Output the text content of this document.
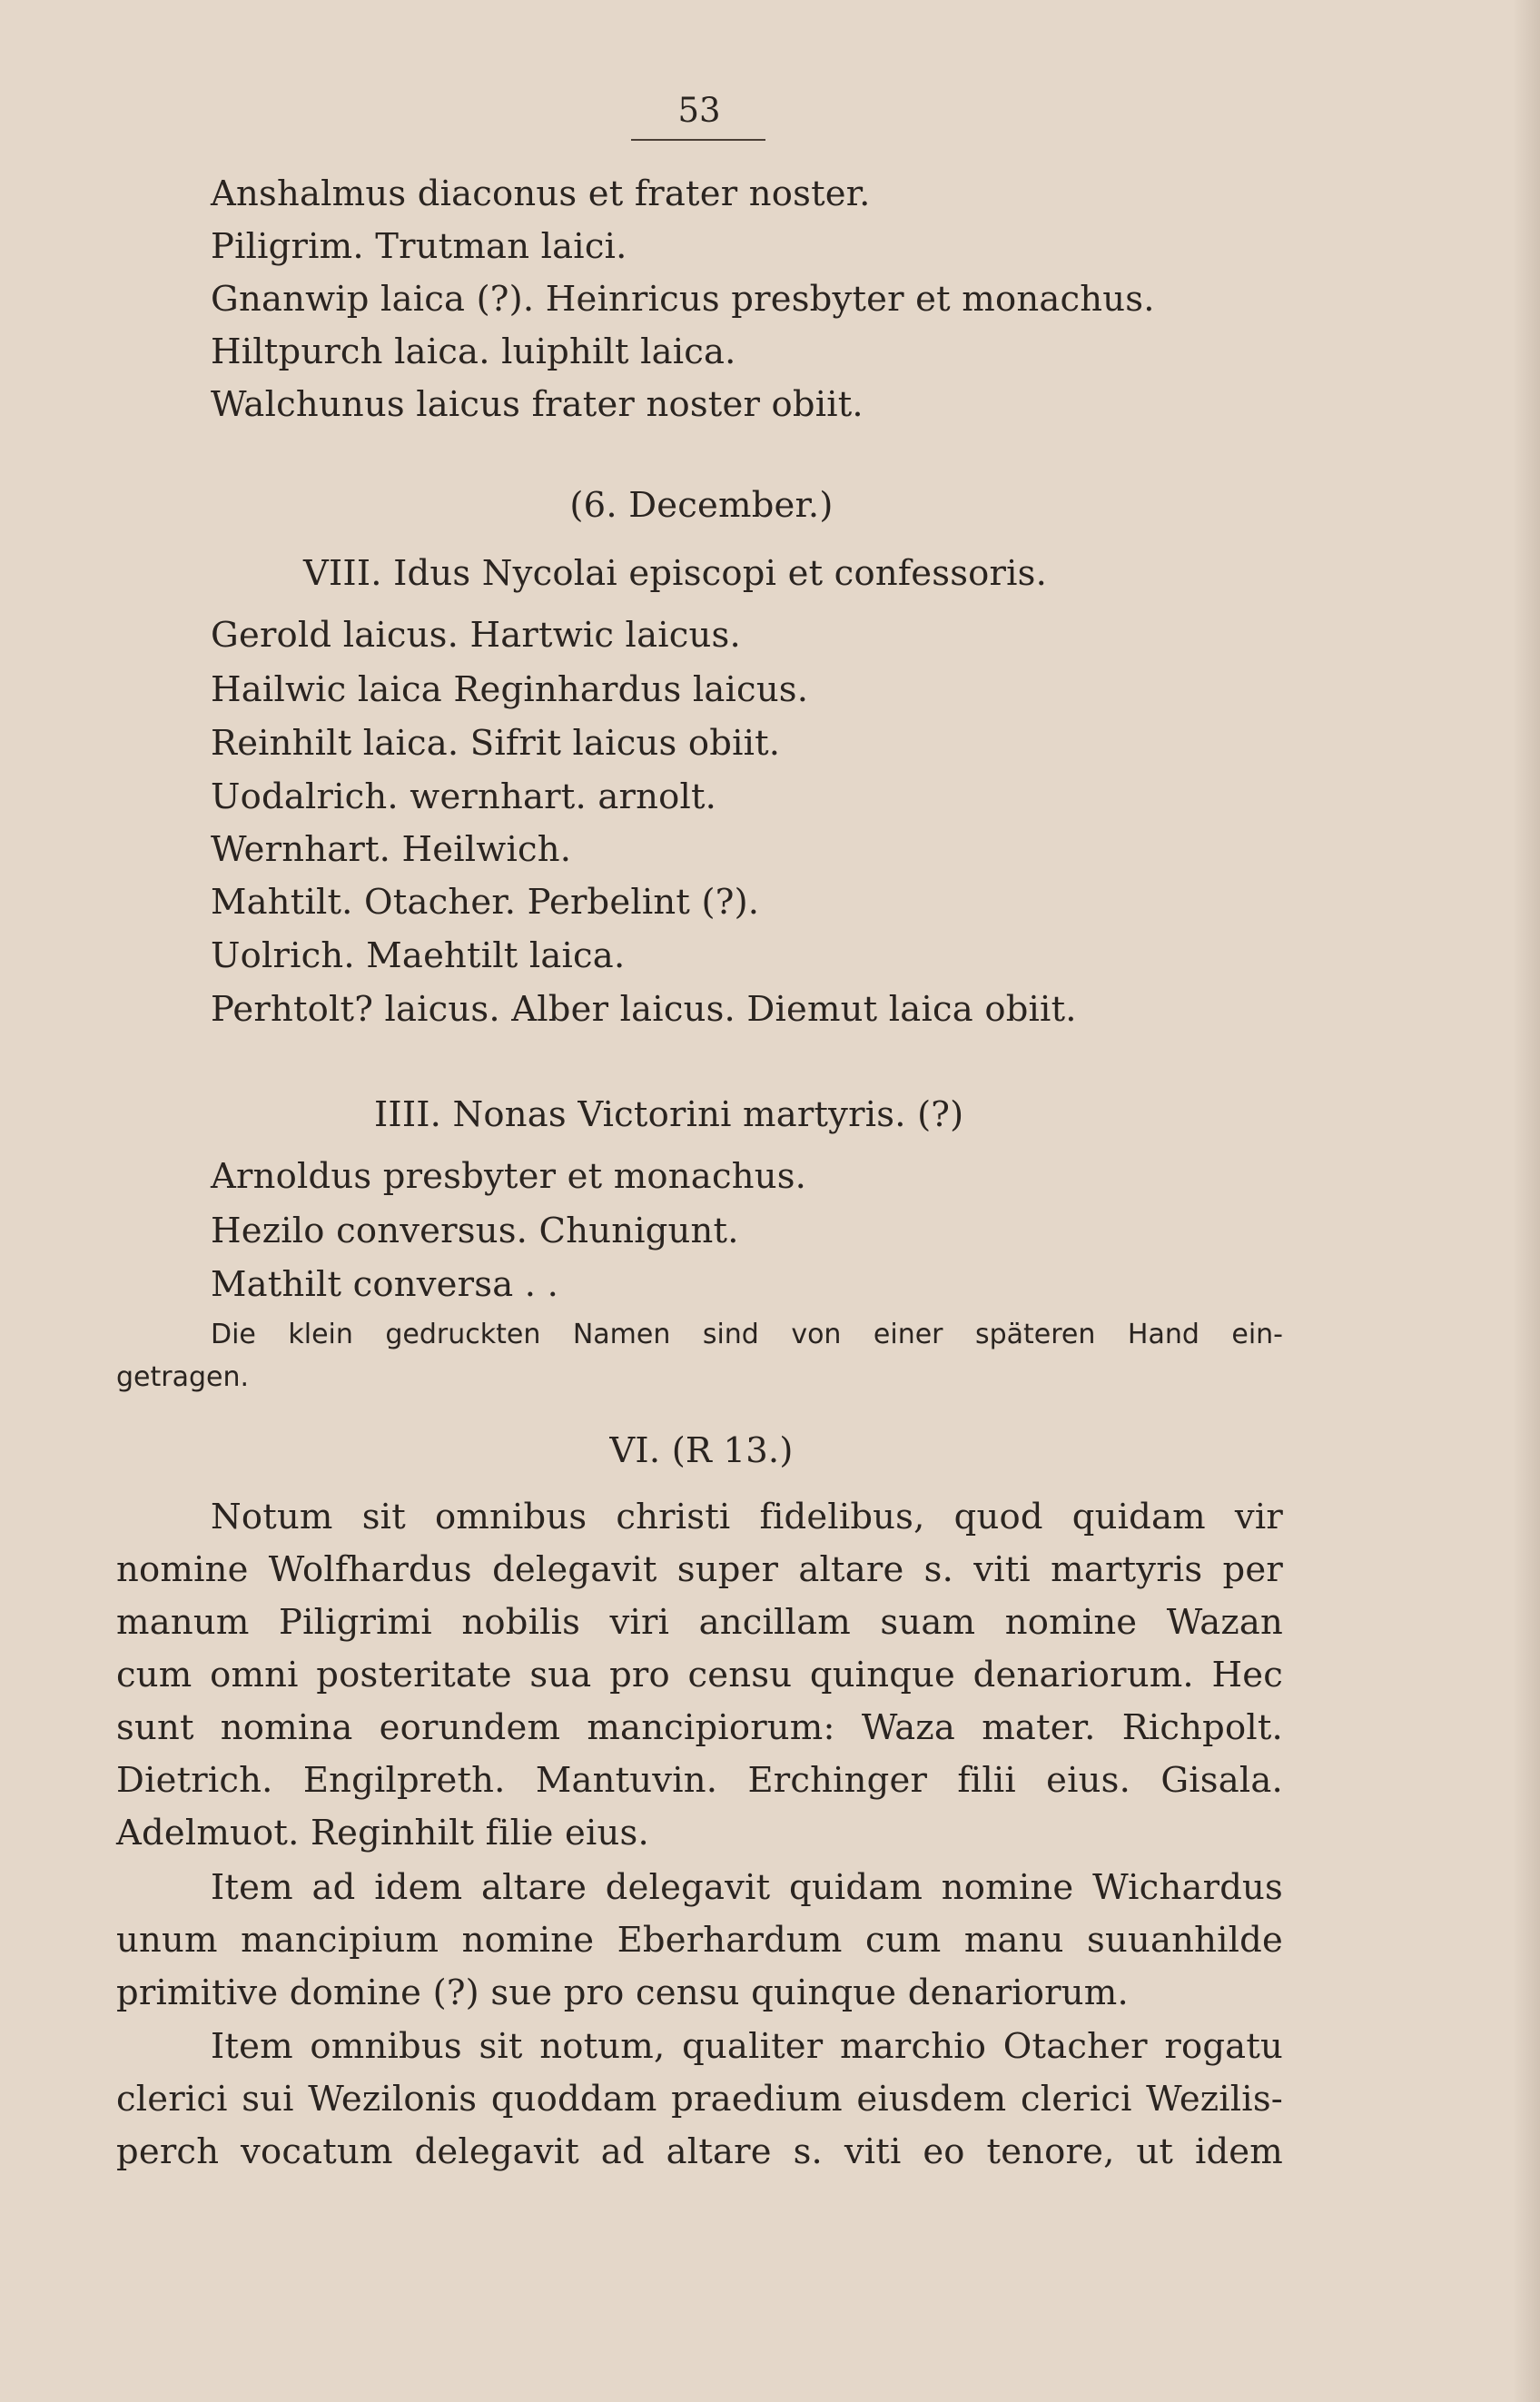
53
Anshalmus diaconus et frater noster.
Piligrim. Trutman laici.
Gnanwip laica (?). Heinricus presbyter et monachus.
Hiltpurch laica. luiphilt laica.
Walchunus laicus frater noster obiit.
(6. December.)
VIII. Idus Nycolai episcopi et confessoris.
Gerold laicus. Hartwic laicus.
Hailwic laica Reginhardus laicus.
Reinhilt laica. Sifrit laicus obiit.
Uodalrich. wernhart. arnolt.
Wernhart. Heilwich.
Mahtilt. Otacher. Perbelint (?).
Uolrich. Maehtilt laica.
Perhtolt? laicus. Alber laicus. Diemut laica obiit.
IIII. Nonas Victorini martyris. (?)
Arnoldus presbyter et monachus.
Hezilo conversus. Chunigunt.
Mathilt conversa . .
Die klein gedruckten Namen sind von einer späteren Hand ein-
getragen.
VI. (R 13.)
Notum sit omnibus christi fidelibus, quod quidam vir
nomine Wolfhardus delegavit super altare s. viti martyris per
manum Piligrimi nobilis viri ancillam suam nomine Wazan
cum omni posteritate sua pro censu quinque denariorum. Hec
sunt nomina eorundem mancipiorum: Waza mater. Richpolt.
Dietrich. Engilpreth. Mantuvin. Erchinger filii eius. Gisala.
Adelmuot. Reginhilt filie eius.
Item ad idem altare delegavit quidam nomine Wichardus
unum mancipium nomine Eberhardum cum manu suuanhilde
primitive domine (?) sue pro censu quinque denariorum.
Item omnibus sit notum, qualiter marchio Otacher rogatu
clerici sui Wezilonis quoddam praedium eiusdem clerici Wezilis-
perch vocatum delegavit ad altare s. viti eo tenore, ut idem
